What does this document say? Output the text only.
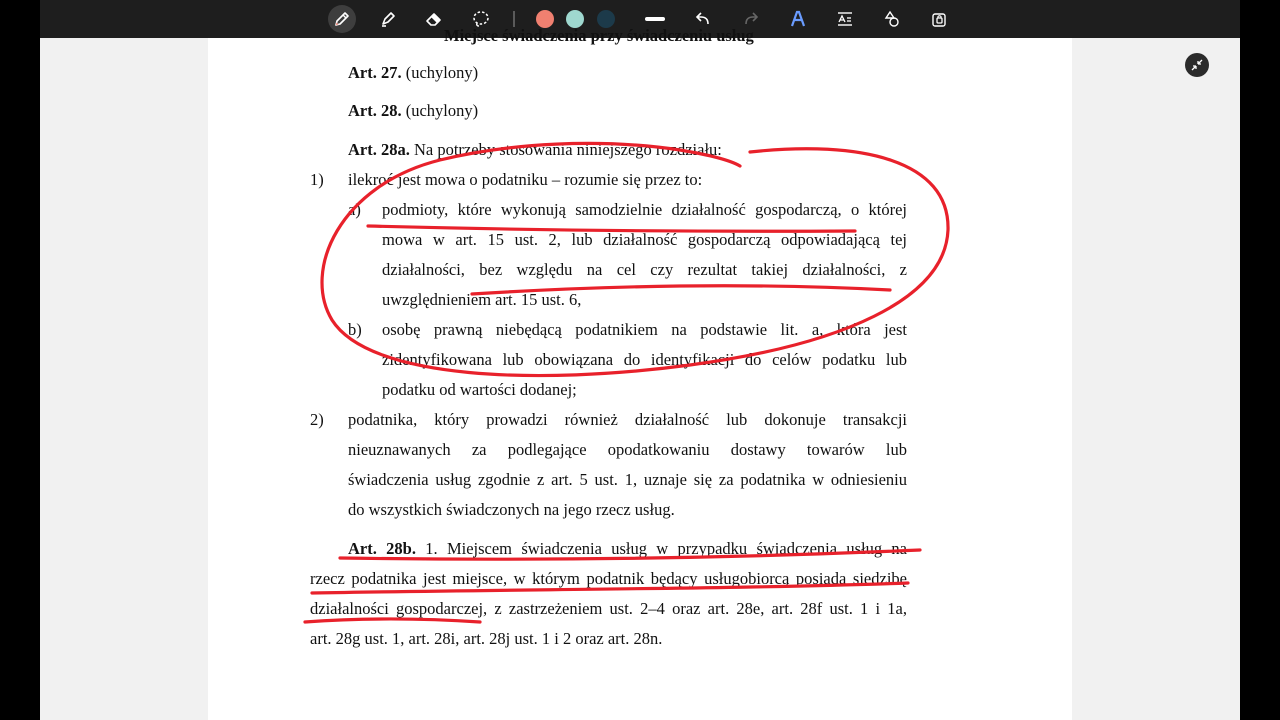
Miejsce świadczenia przy świadczeniu usług
Art. 27. (uchylony)
Art. 28. (uchylony)
Art. 28a. Na potrzeby stosowania niniejszego rozdziału:
1) ilekroć jest mowa o podatniku – rozumie się przez to:
a) podmioty, które wykonują samodzielnie działalność gospodarczą, o której
mowa w art. 15 ust. 2, lub działalność gospodarczą odpowiadającą tej
działalności, bez względu na cel czy rezultat takiej działalności, z
uwzględnieniem art. 15 ust. 6,
b) osobę prawną niebędącą podatnikiem na podstawie lit. a, która jest
zidentyfikowana lub obowiązana do identyfikacji do celów podatku lub
podatku od wartości dodanej;
2) podatnika, który prowadzi również działalność lub dokonuje transakcji
nieuznawanych za podlegające opodatkowaniu dostawy towarów lub
świadczenia usług zgodnie z art. 5 ust. 1, uznaje się za podatnika w odniesieniu
do wszystkich świadczonych na jego rzecz usług.
Art. 28b. 1. Miejscem świadczenia usług w przypadku świadczenia usług na
rzecz podatnika jest miejsce, w którym podatnik będący usługobiorcą posiada siedzibę
działalności gospodarczej, z zastrzeżeniem ust. 2–4 oraz art. 28e, art. 28f ust. 1 i 1a,
art. 28g ust. 1, art. 28i, art. 28j ust. 1 i 2 oraz art. 28n.
